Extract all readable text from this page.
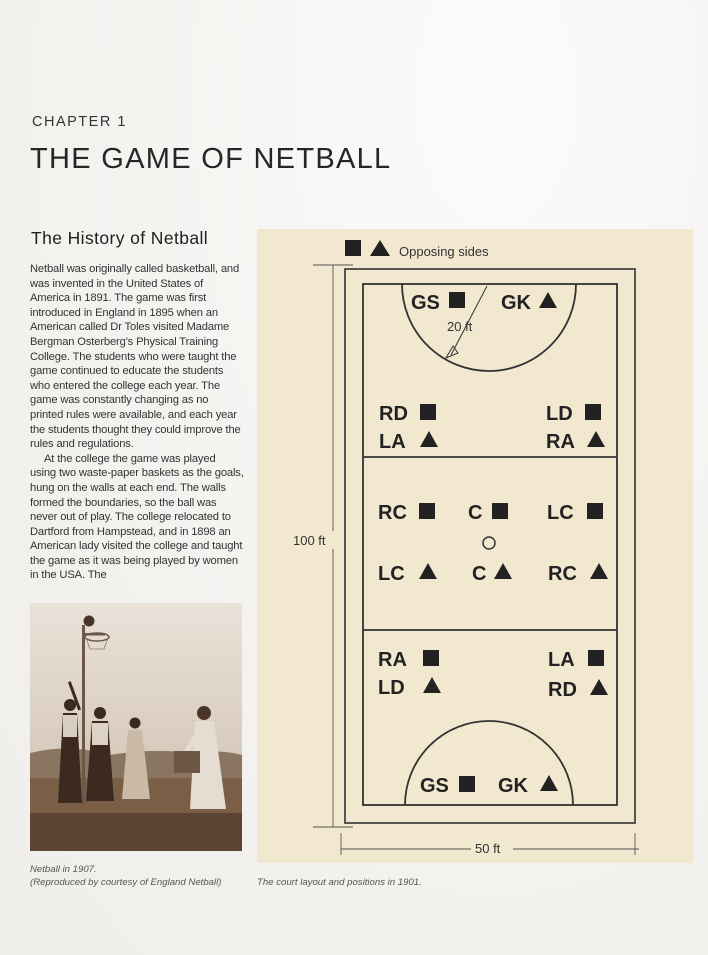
CHAPTER 1
THE GAME OF NETBALL
The History of Netball

Netball was originally called basketball, and was invented in the United States of America in 1891. The game was first introduced in England in 1895 when an American called Dr Toles visited Madame Bergman Osterberg's Physical Training College. The students who were taught the game continued to educate the students who entered the college each year. The game was constantly changing as no printed rules were available, and each year the students thought they could improve the rules and regulations.

At the college the game was played using two waste-paper baskets as the goals, hung on the walls at each end. The walls formed the boundaries, so the ball was never out of play. The college relocated to Dartford from Hampstead, and in 1898 an American lady visited the college and taught the game as it was being played by women in the USA. The

Netball in 1907.
(Reproduced by courtesy of England Netball)	The court layout and positions in 1901.
Opposing sides
20 ft
100 ft
50 ft
GS	GK
RD
LA
LD
RA
RC	C	LC
LC	C	RC
RA
LD
LA
RD
GS GK
